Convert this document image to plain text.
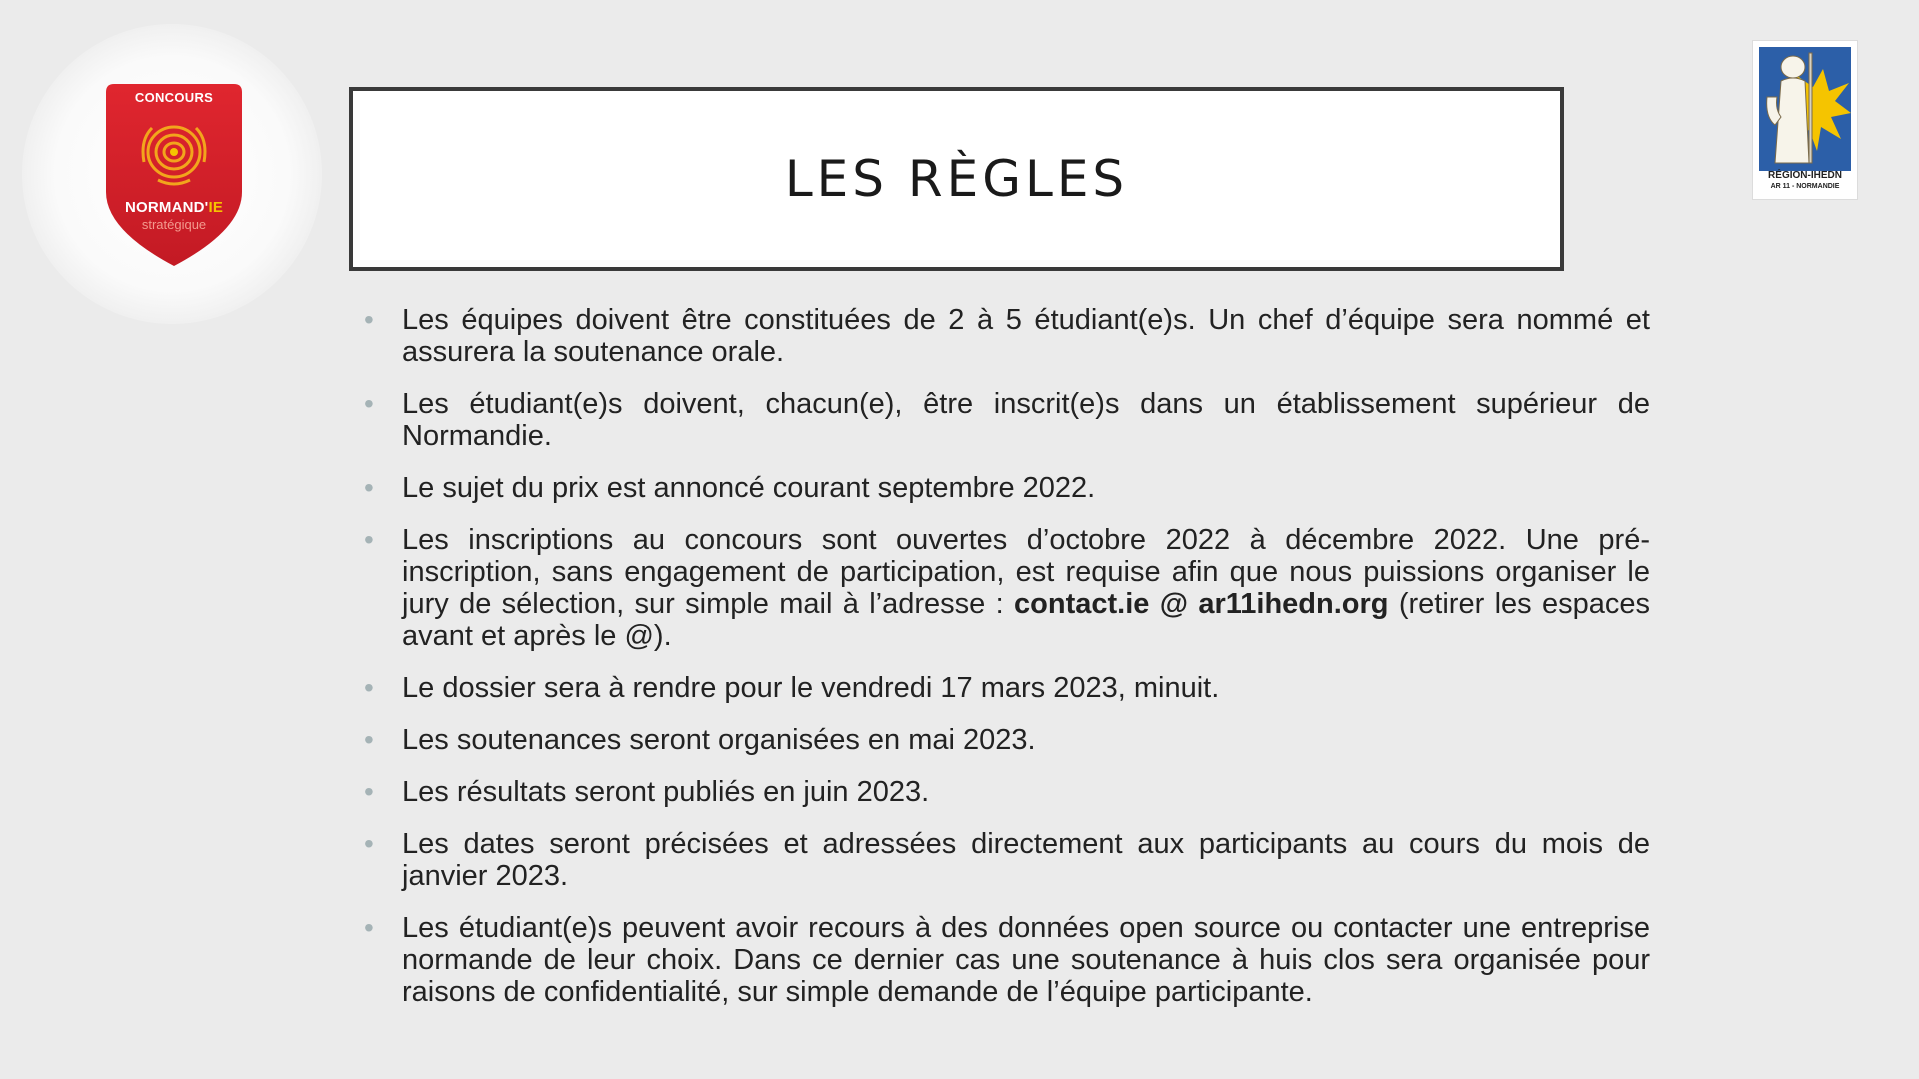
CONCOURS
NORMAND'IE
stratégique
RÉGION-IHEDN
AR 11 - NORMANDIE
LES RÈGLES
• Les équipes doivent être constituées de 2 à 5 étudiant(e)s. Un chef d’équipe sera nommé et assurera la soutenance orale.
• Les étudiant(e)s doivent, chacun(e), être inscrit(e)s dans un établissement supérieur de Normandie.
• Le sujet du prix est annoncé courant septembre 2022.
• Les inscriptions au concours sont ouvertes d’octobre 2022 à décembre 2022. Une pré-inscription, sans engagement de participation, est requise afin que nous puissions organiser le jury de sélection, sur simple mail à l’adresse : contact.ie @ ar11ihedn.org (retirer les espaces avant et après le @).
• Le dossier sera à rendre pour le vendredi 17 mars 2023, minuit.
• Les soutenances seront organisées en mai 2023.
• Les résultats seront publiés en juin 2023.
• Les dates seront précisées et adressées directement aux participants au cours du mois de janvier 2023.
• Les étudiant(e)s peuvent avoir recours à des données open source ou contacter une entreprise normande de leur choix. Dans ce dernier cas une soutenance à huis clos sera organisée pour raisons de confidentialité, sur simple demande de l’équipe participante.
